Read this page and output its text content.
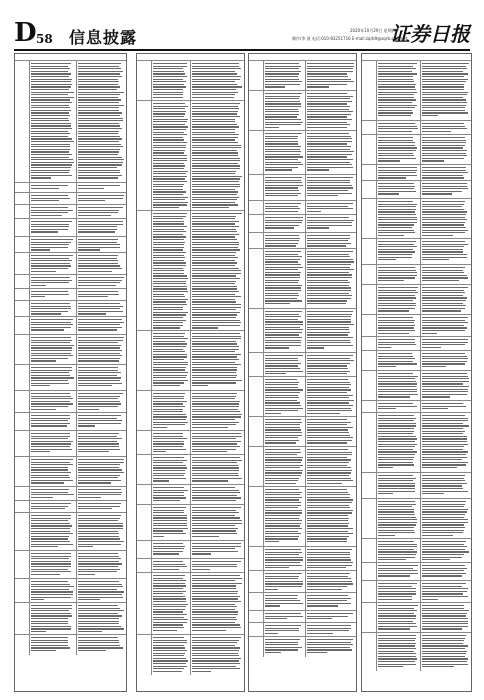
D 58 信息披露	2020年10月29日 星期四
制作/李 波 电话:010-83251716 E-mail:zqrb9@zqrb.sina.net
证券日报
